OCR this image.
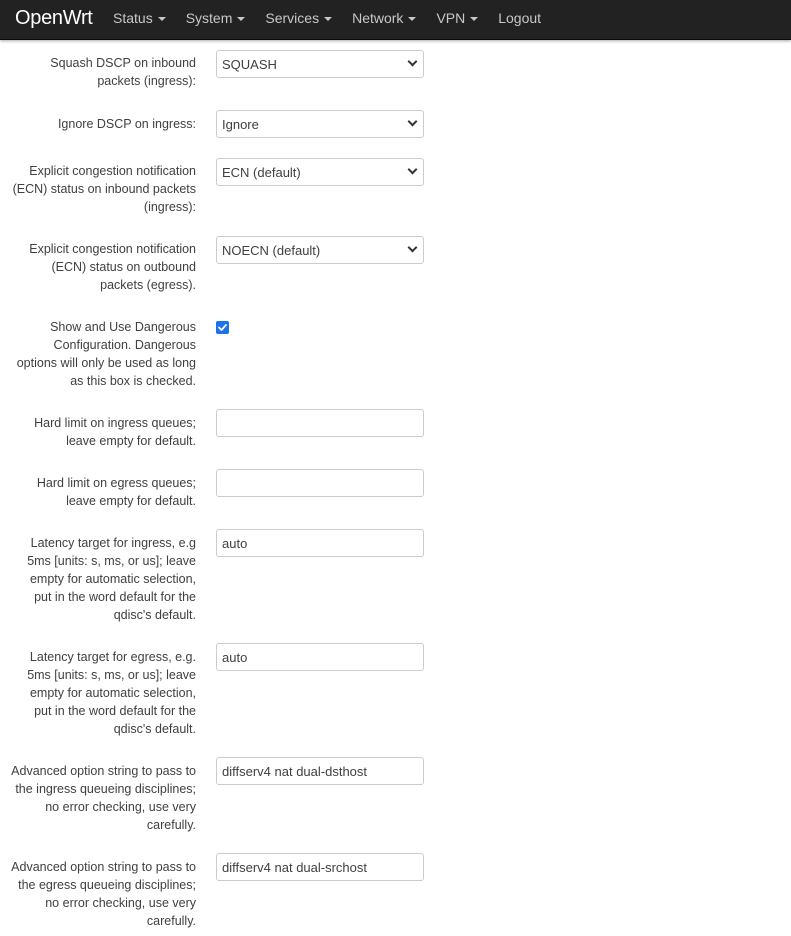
OpenWrt Status System Services Network VPN Logout
Squash DSCP on inbound packets (ingress):
SQUASH
Ignore DSCP on ingress: Ignore
Explicit congestion notification (ECN) status on inbound packets (ingress):
ECN (default)
Explicit congestion notification (ECN) status on outbound packets (egress).
NOECN (default)
Show and Use Dangerous Configuration. Dangerous options will only be used as long as this box is checked.
Hard limit on ingress queues; leave empty for default.
Hard limit on egress queues; leave empty for default.
Latency target for ingress, e.g 5ms [units: s, ms, or us]; leave empty for automatic selection, put in the word default for the qdisc's default.
auto
Latency target for egress, e.g. 5ms [units: s, ms, or us]; leave empty for automatic selection, put in the word default for the qdisc's default.
auto
Advanced option string to pass to the ingress queueing disciplines; no error checking, use very carefully.
diffserv4 nat dual-dsthost
Advanced option string to pass to the egress queueing disciplines; no error checking, use very carefully.
diffserv4 nat dual-srchost
